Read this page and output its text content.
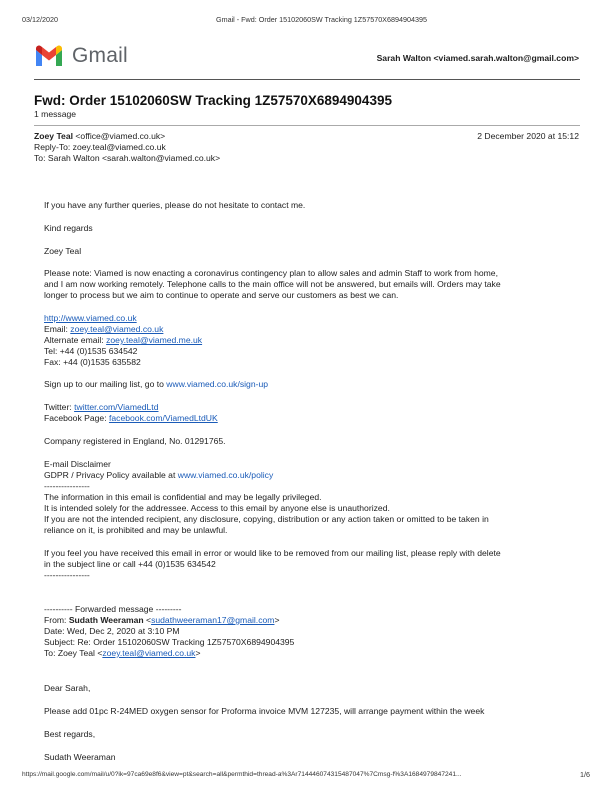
03/12/2020	Gmail - Fwd: Order 15102060SW Tracking 1Z57570X6894904395
Gmail	Sarah Walton <viamed.sarah.walton@gmail.com>
Fwd: Order 15102060SW Tracking 1Z57570X6894904395
1 message
Zoey Teal <office@viamed.co.uk>	2 December 2020 at 15:12
Reply-To: zoey.teal@viamed.co.uk
To: Sarah Walton <sarah.walton@viamed.co.uk>
If you have any further queries, please do not hesitate to contact me.
Kind regards
Zoey Teal
Please note: Viamed is now enacting a coronavirus contingency plan to allow sales and admin Staff to work from home,
and I am now working remotely. Telephone calls to the main office will not be answered, but emails will. Orders may take
longer to process but we aim to continue to operate and serve our customers as best we can.
http://www.viamed.co.uk
Email: zoey.teal@viamed.co.uk
Alternate email: zoey.teal@viamed.me.uk
Tel: +44 (0)1535 634542
Fax: +44 (0)1535 635582
Sign up to our mailing list, go to www.viamed.co.uk/sign-up
Twitter: twitter.com/ViamedLtd
Facebook Page: facebook.com/ViamedLtdUK
Company registered in England, No. 01291765.
E-mail Disclaimer
GDPR / Privacy Policy available at www.viamed.co.uk/policy
----------------
The information in this email is confidential and may be legally privileged.
It is intended solely for the addressee. Access to this email by anyone else is unauthorized.
If you are not the intended recipient, any disclosure, copying, distribution or any action taken or omitted to be taken in
reliance on it, is prohibited and may be unlawful.
If you feel you have received this email in error or would like to be removed from our mailing list, please reply with delete
in the subject line or call +44 (0)1535 634542
----------------
---------- Forwarded message ---------
From: Sudath Weeraman <sudathweeraman17@gmail.com>
Date: Wed, Dec 2, 2020 at 3:10 PM
Subject: Re: Order 15102060SW Tracking 1Z57570X6894904395
To: Zoey Teal <zoey.teal@viamed.co.uk>
Dear Sarah,
Please add 01pc R-24MED oxygen sensor for Proforma invoice MVM 127235, will arrange payment within the week
Best regards,
Sudath Weeraman
https://mail.google.com/mail/u/0?ik=97ca69e8f6&view=pt&search=all&permthid=thread-a%3Ar714446074315487047%7Cmsg-f%3A1684979847241...	1/6
